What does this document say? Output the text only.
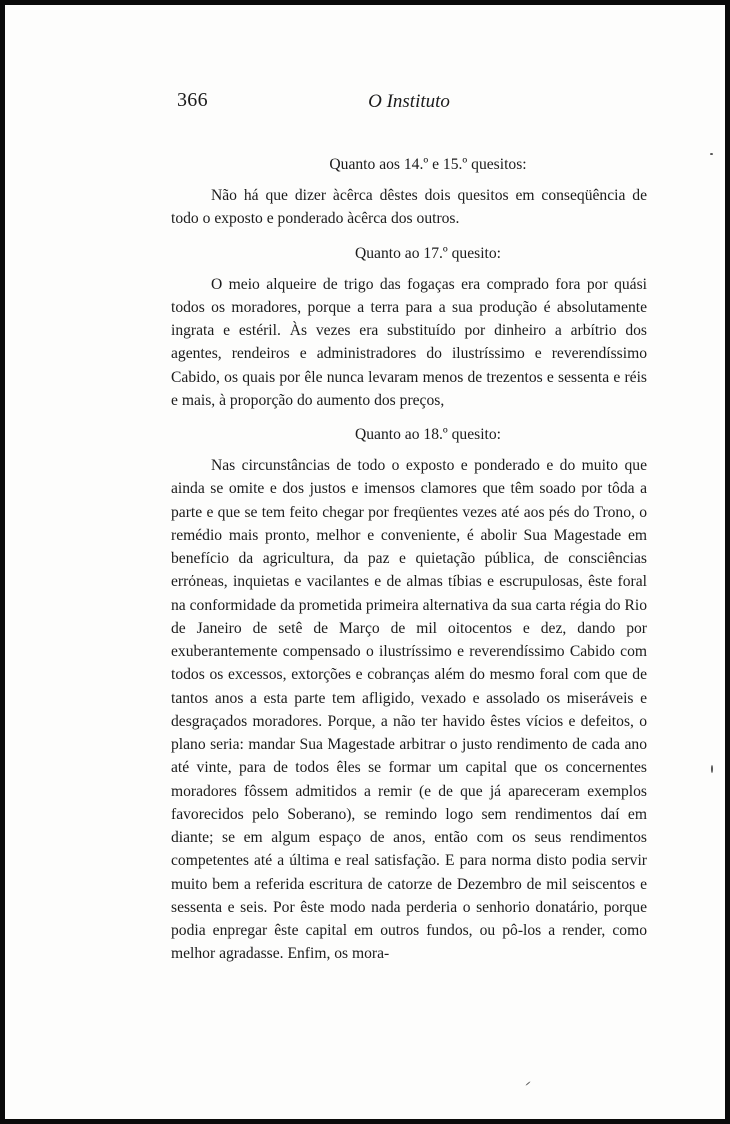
366	O Instituto

Quanto aos 14.º e 15.º quesitos:

Não há que dizer àcêrca dêstes dois quesitos em conseqüência de todo o exposto e ponderado àcêrca dos outros.

Quanto ao 17.º quesito:

O meio alqueire de trigo das fogaças era comprado fora por quási todos os moradores, porque a terra para a sua produção é absolutamente ingrata e estéril. Às vezes era substituído por dinheiro a arbítrio dos agentes, rendeiros e administradores do ilustríssimo e reverendíssimo Cabido, os quais por êle nunca levaram menos de trezentos e sessenta e réis e mais, à proporção do aumento dos preços,

Quanto ao 18.º quesito:

Nas circunstâncias de todo o exposto e ponderado e do muito que ainda se omite e dos justos e imensos clamores que têm soado por tôda a parte e que se tem feito chegar por freqüentes vezes até aos pés do Trono, o remédio mais pronto, melhor e conveniente, é abolir Sua Magestade em benefício da agricultura, da paz e quietação pública, de consciências errόneas, inquietas e vacilantes e de almas tíbias e escrupulosas, êste foral na conformidade da prometida primeira alternativa da sua carta régia do Rio de Janeiro de setê de Março de mil oitocentos e dez, dando por exuberantemente compensado o ilustríssimo e reverendíssimo Cabido com todos os excessos, extorções e cobranças além do mesmo foral com que de tantos anos a esta parte tem afligido, vexado e assolado os miseráveis e desgraçados moradores. Porque, a não ter havido êstes vícios e defeitos, o plano seria: mandar Sua Magestade arbitrar o justo rendimento de cada ano até vinte, para de todos êles se formar um capital que os concernentes moradores fôssem admitidos a remir (e de que já apareceram exemplos favorecidos pelo Soberano), se remindo logo sem rendimentos daí em diante; se em algum espaço de anos, então com os seus rendimentos competentes até a última e real satisfação. E para norma disto podia servir muito bem a referida escritura de catorze de Dezembro de mil seiscentos e sessenta e seis. Por êste modo nada perderia o senhorio donatário, porque podia enpregar êste capital em outros fundos, ou pô-los a render, como melhor agradasse. Enfim, os mora-
